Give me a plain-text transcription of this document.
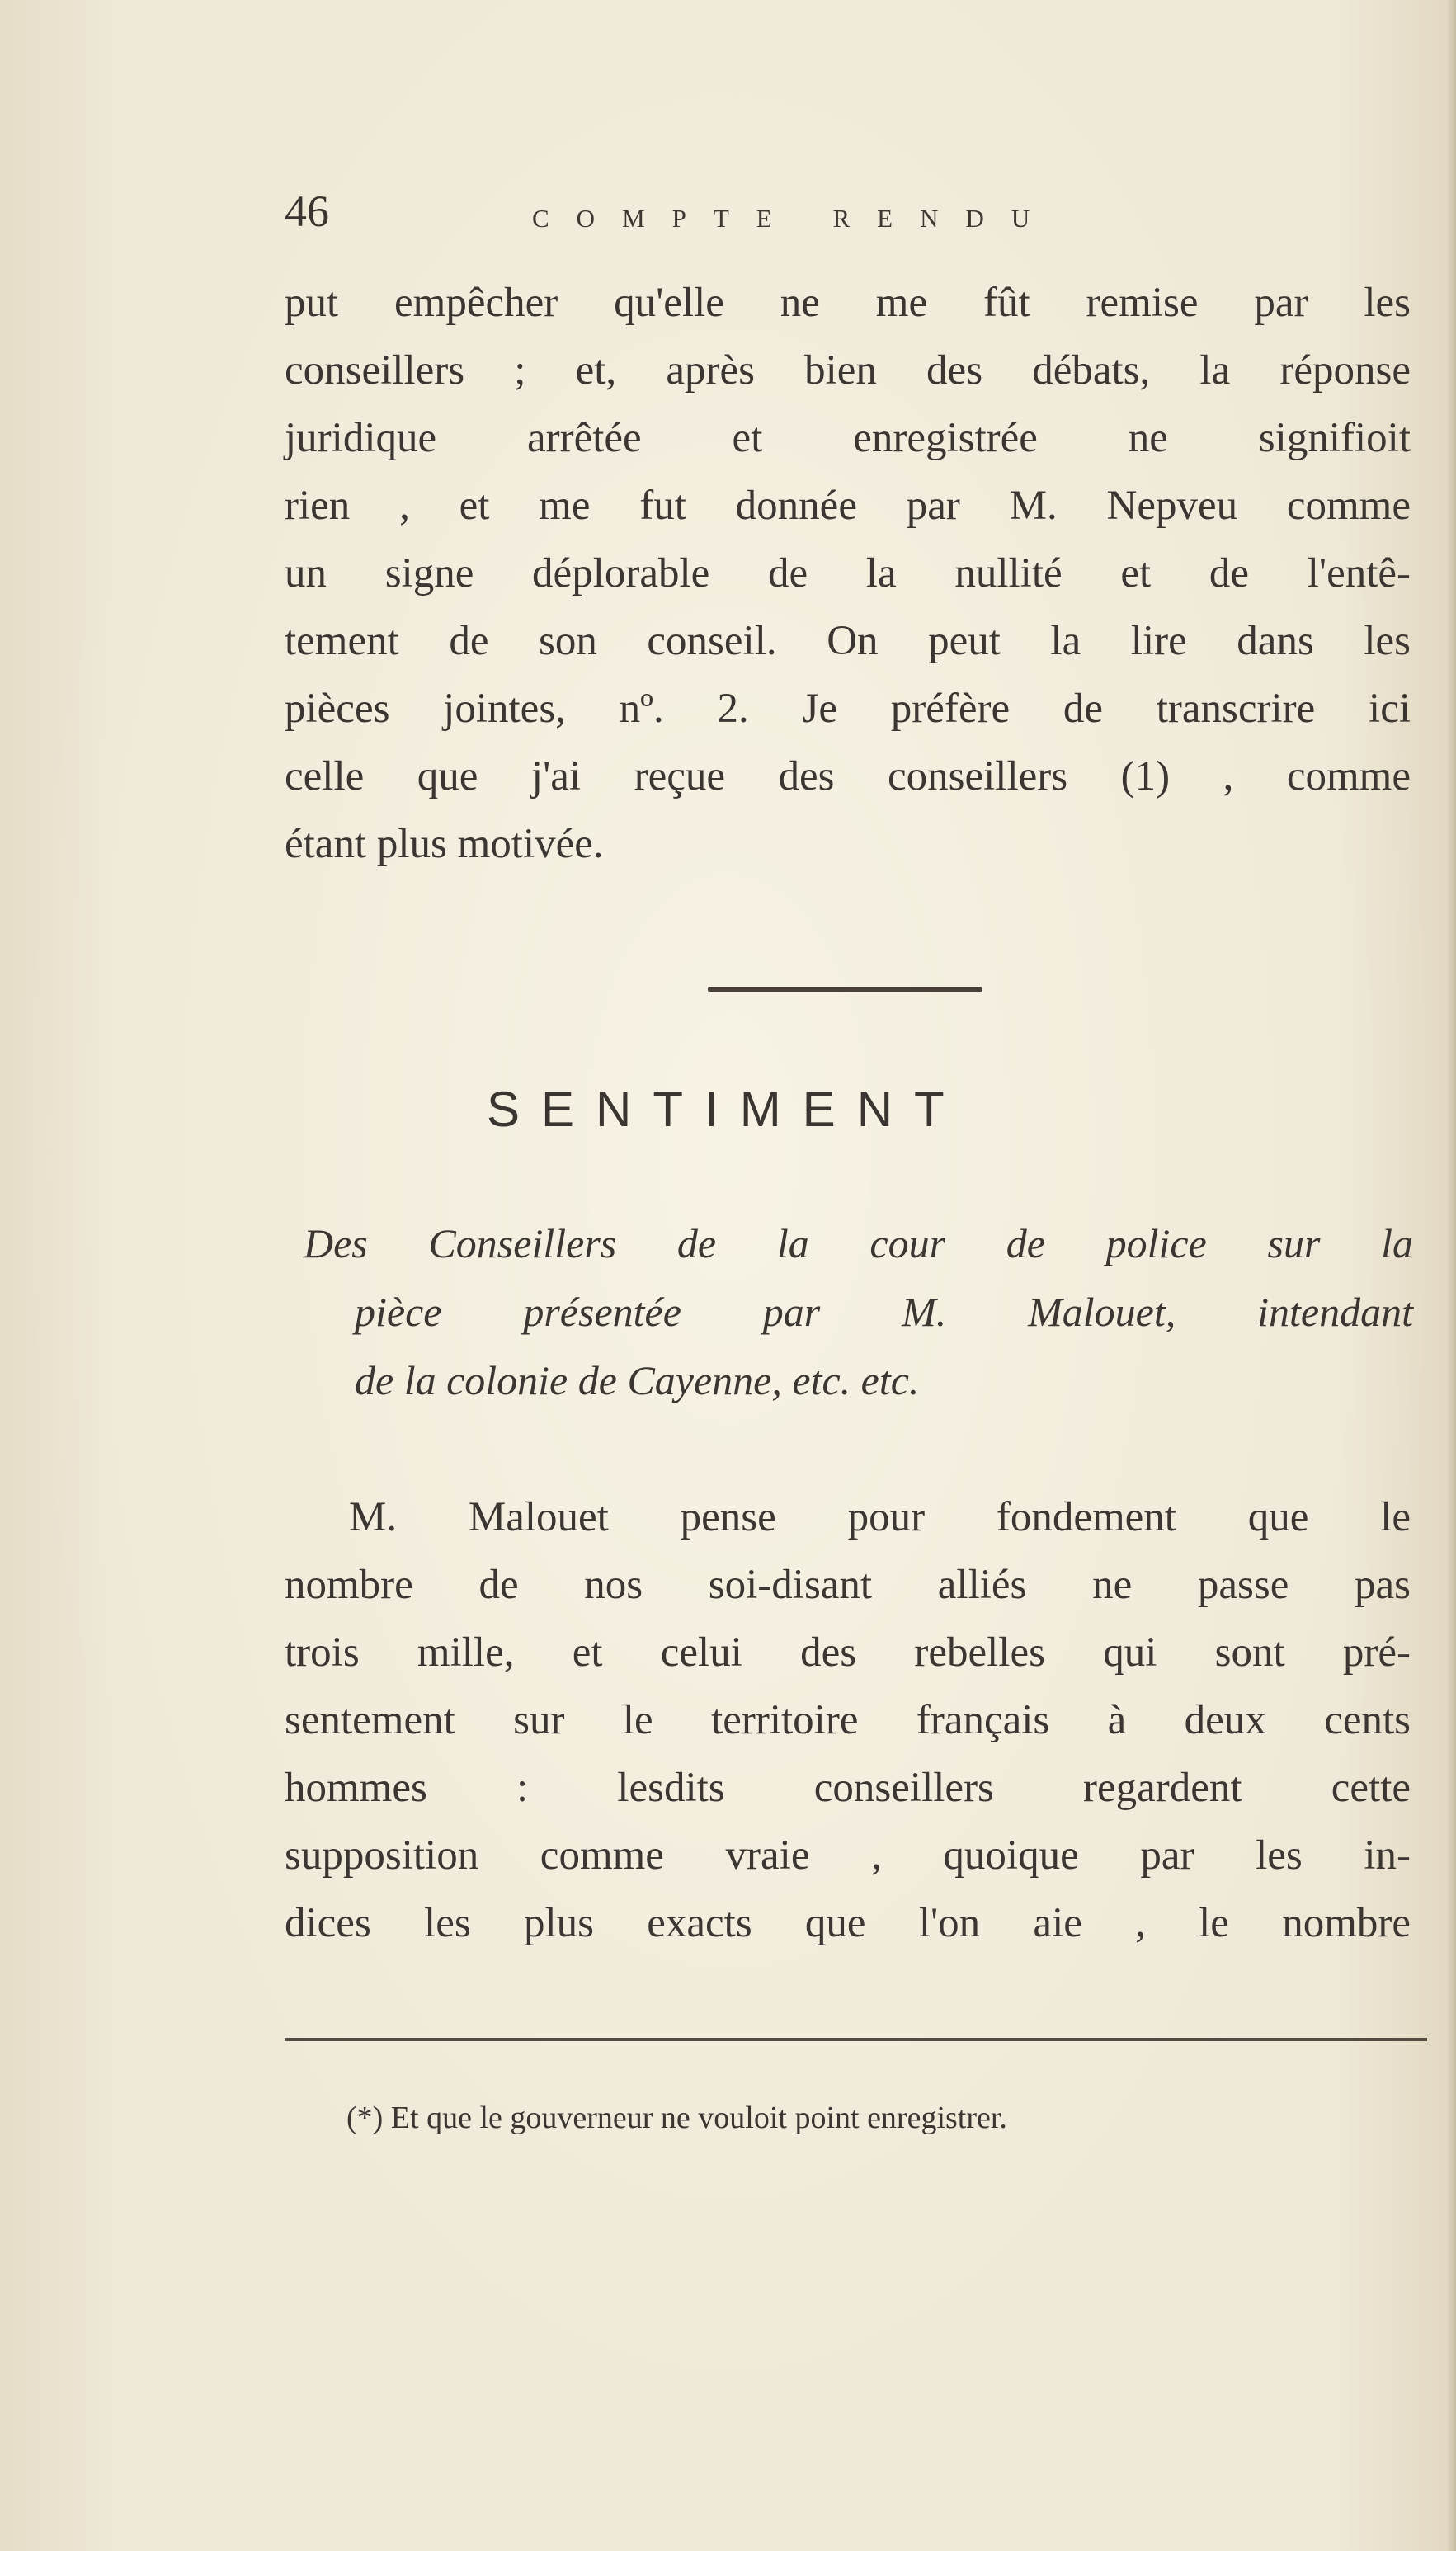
46	COMPTE RENDU
put empêcher qu'elle ne me fût remise par les
conseillers ; et, après bien des débats, la réponse
juridique arrêtée et enregistrée ne signifioit
rien , et me fut donnée par M. Nepveu comme
un signe déplorable de la nullité et de l'entê-
tement de son conseil. On peut la lire dans les
pièces jointes, nº. 2. Je préfère de transcrire ici
celle que j'ai reçue des conseillers (1) , comme
étant plus motivée.
SENTIMENT
Des Conseillers de la cour de police sur la
pièce présentée par M. Malouet, intendant
de la colonie de Cayenne, etc. etc.
M. Malouet pense pour fondement que le
nombre de nos soi-disant alliés ne passe pas
trois mille, et celui des rebelles qui sont pré-
sentement sur le territoire français à deux cents
hommes : lesdits conseillers regardent cette
supposition comme vraie , quoique par les in-
dices les plus exacts que l'on aie , le nombre
(*) Et que le gouverneur ne vouloit point enregistrer.
